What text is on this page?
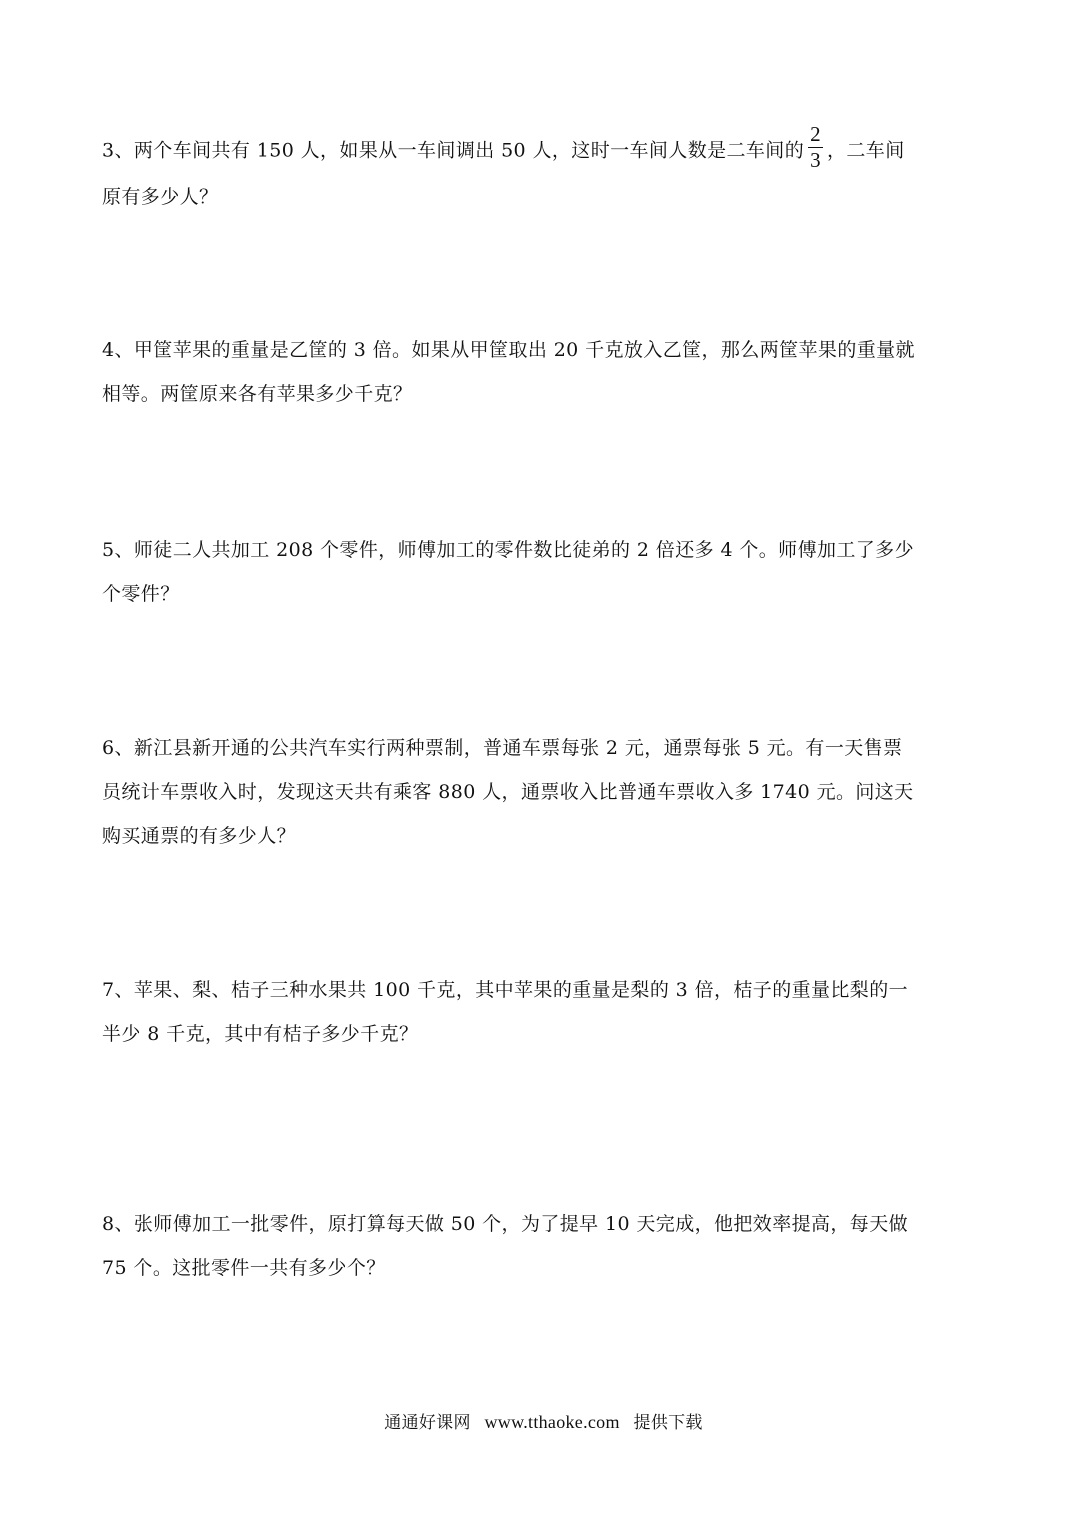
3、两个车间共有 150 人，如果从一车间调出 50 人，这时一车间人数是二车间的 $\frac{2}{3}$ ，二车间

原有多少人？

4、甲筐苹果的重量是乙筐的 3 倍。如果从甲筐取出 20 千克放入乙筐，那么两筐苹果的重量就

相等。两筐原来各有苹果多少千克？

5、师徒二人共加工 208 个零件，师傅加工的零件数比徒弟的 2 倍还多 4 个。师傅加工了多少

个零件？

6、新江县新开通的公共汽车实行两种票制，普通车票每张 2 元，通票每张 5 元。有一天售票

员统计车票收入时，发现这天共有乘客 880 人，通票收入比普通车票收入多 1740 元。问这天

购买通票的有多少人？

7、苹果、梨、桔子三种水果共 100 千克，其中苹果的重量是梨的 3 倍，桔子的重量比梨的一

半少 8 千克，其中有桔子多少千克？

8、张师傅加工一批零件，原打算每天做 50 个，为了提早 10 天完成，他把效率提高，每天做

75 个。这批零件一共有多少个？

通通好课网 www.tthaoke.com 提供下载
